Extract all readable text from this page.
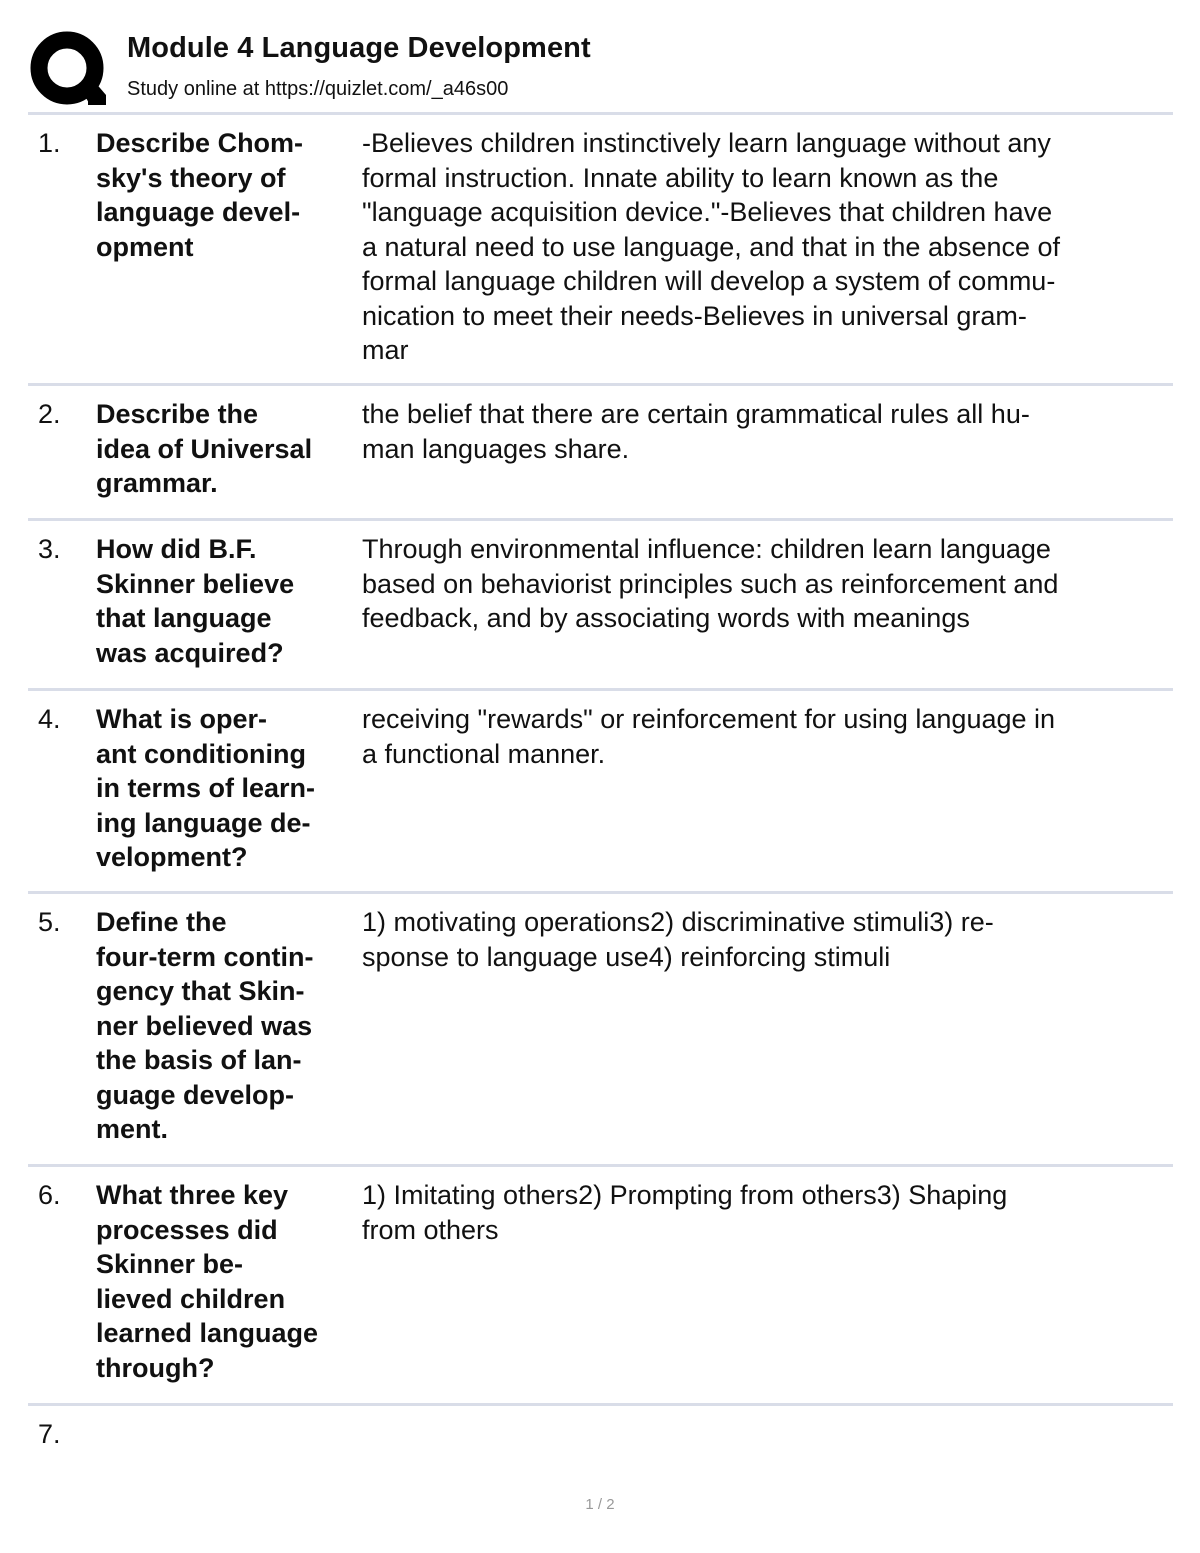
Module 4 Language Development
Study online at https://quizlet.com/_a46s00
1. Describe Chom-
sky's theory of
language devel-
opment
-Believes children instinctively learn language without any
formal instruction. Innate ability to learn known as the
"language acquisition device."-Believes that children have
a natural need to use language, and that in the absence of
formal language children will develop a system of commu-
nication to meet their needs-Believes in universal gram-
mar
2. Describe the
idea of Universal
grammar.
the belief that there are certain grammatical rules all hu-
man languages share.
3. How did B.F.
Skinner believe
that language
was acquired?
Through environmental influence: children learn language
based on behaviorist principles such as reinforcement and
feedback, and by associating words with meanings
4. What is oper-
ant conditioning
in terms of learn-
ing language de-
velopment?
receiving "rewards" or reinforcement for using language in
a functional manner.
5. Define the
four-term contin-
gency that Skin-
ner believed was
the basis of lan-
guage develop-
ment.
1) motivating operations2) discriminative stimuli3) re-
sponse to language use4) reinforcing stimuli
6. What three key
processes did
Skinner be-
lieved children
learned language
through?
1) Imitating others2) Prompting from others3) Shaping
from others
7.
1 / 2
